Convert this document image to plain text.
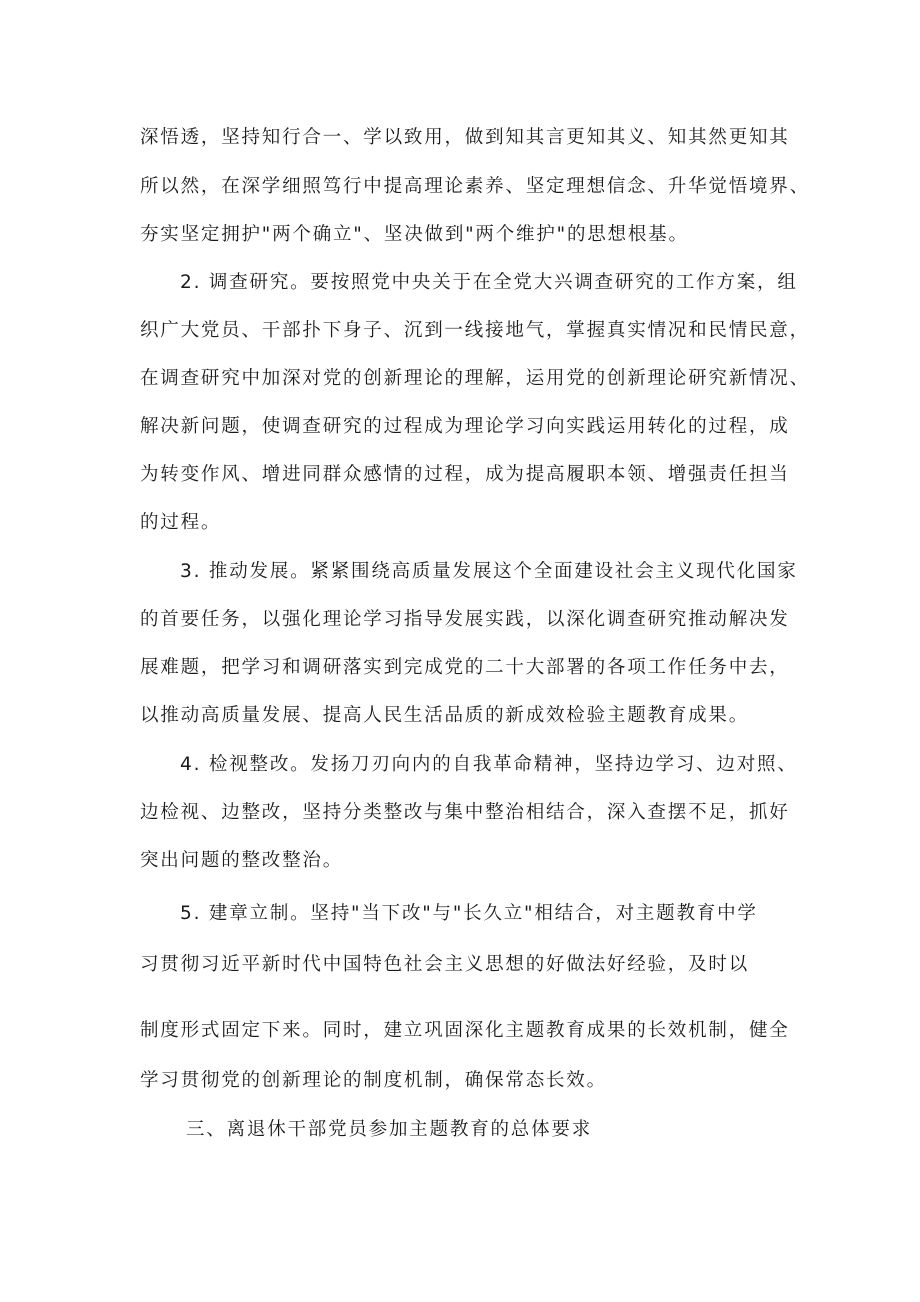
深悟透，坚持知行合一、学以致用，做到知其言更知其义、知其然更知其

所以然，在深学细照笃行中提高理论素养、坚定理想信念、升华觉悟境界、

夯实坚定拥护"两个确立"、坚决做到"两个维护"的思想根基。

2. 调查研究。要按照党中央关于在全党大兴调查研究的工作方案，组

织广大党员、干部扑下身子、沉到一线接地气，掌握真实情况和民情民意，

在调查研究中加深对党的创新理论的理解，运用党的创新理论研究新情况、

解决新问题，使调查研究的过程成为理论学习向实践运用转化的过程，成

为转变作风、增进同群众感情的过程，成为提高履职本领、增强责任担当

的过程。

3. 推动发展。紧紧围绕高质量发展这个全面建设社会主义现代化国家

的首要任务，以强化理论学习指导发展实践，以深化调查研究推动解决发

展难题，把学习和调研落实到完成党的二十大部署的各项工作任务中去，

以推动高质量发展、提高人民生活品质的新成效检验主题教育成果。

4. 检视整改。发扬刀刃向内的自我革命精神，坚持边学习、边对照、

边检视、边整改，坚持分类整改与集中整治相结合，深入查摆不足，抓好

突出问题的整改整治。

5. 建章立制。坚持"当下改"与"长久立"相结合，对主题教育中学

习贯彻习近平新时代中国特色社会主义思想的好做法好经验，及时以

制度形式固定下来。同时，建立巩固深化主题教育成果的长效机制，健全

学习贯彻党的创新理论的制度机制，确保常态长效。

三、离退休干部党员参加主题教育的总体要求
